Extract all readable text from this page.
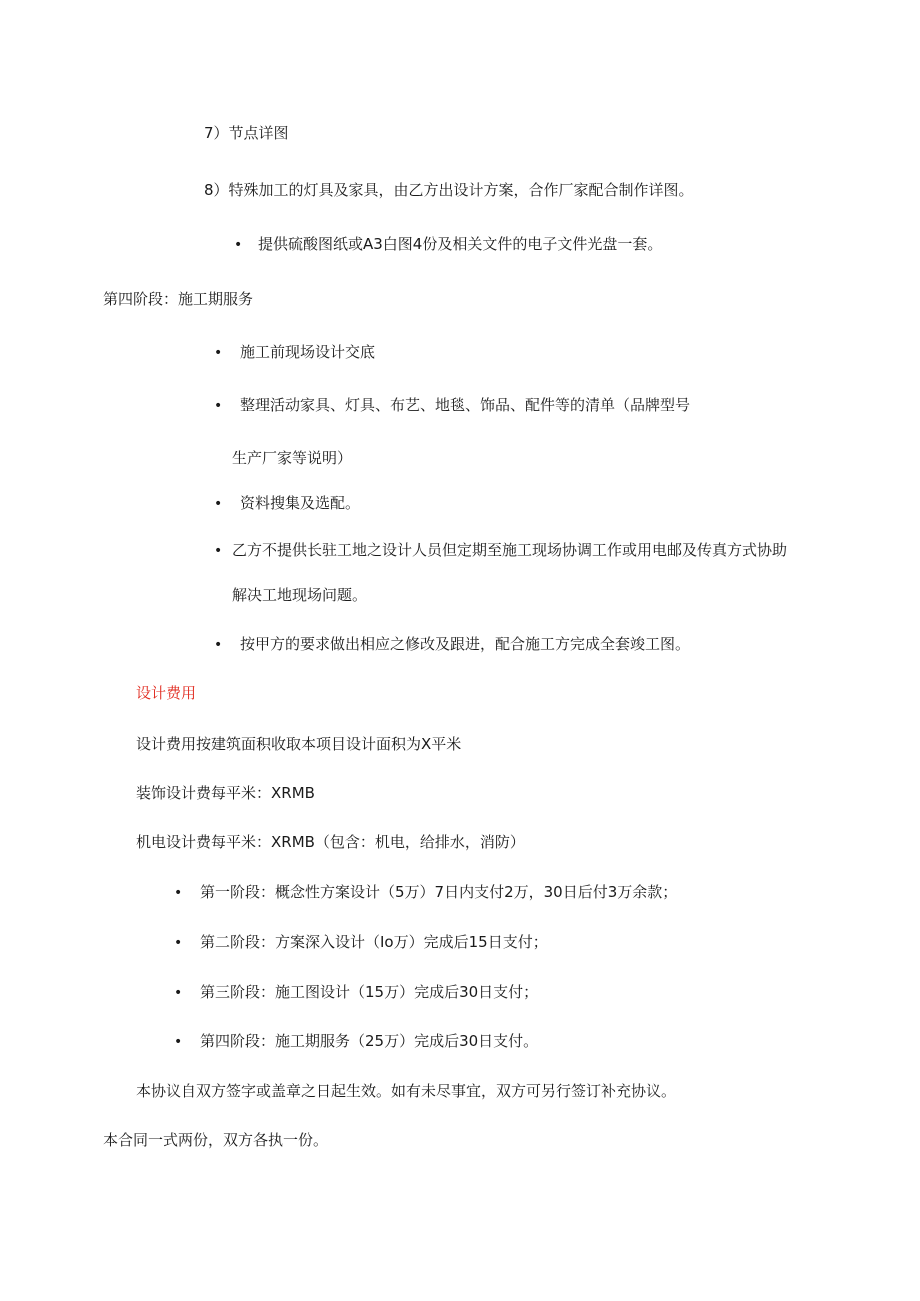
7）节点详图
8）特殊加工的灯具及家具，由乙方出设计方案，合作厂家配合制作详图。
• 提供硫酸图纸或A3白图4份及相关文件的电子文件光盘一套。
第四阶段：施工期服务
• 施工前现场设计交底
• 整理活动家具、灯具、布艺、地毯、饰品、配件等的清单（品牌型号
生产厂家等说明）
• 资料搜集及选配。
• 乙方不提供长驻工地之设计人员但定期至施工现场协调工作或用电邮及传真方式协助
解决工地现场问题。
• 按甲方的要求做出相应之修改及跟进，配合施工方完成全套竣工图。
设计费用
设计费用按建筑面积收取本项目设计面积为X平米
装饰设计费每平米：XRMB
机电设计费每平米：XRMB（包含：机电，给排水，消防）
• 第一阶段：概念性方案设计（5万）7日内支付2万，30日后付3万余款；
• 第二阶段：方案深入设计（Io万）完成后15日支付；
• 第三阶段：施工图设计（15万）完成后30日支付；
• 第四阶段：施工期服务（25万）完成后30日支付。
本协议自双方签字或盖章之日起生效。如有未尽事宜，双方可另行签订补充协议。
本合同一式两份，双方各执一份。
